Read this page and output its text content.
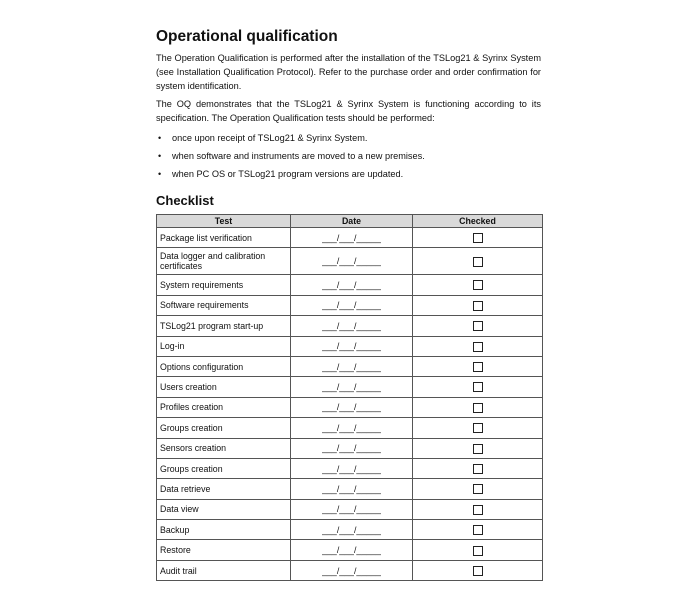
Operational qualification

The Operation Qualification is performed after the installation of the TSLog21 & Syrinx System (see Installation Qualification Protocol). Refer to the purchase order and order confirmation for system identification.

The OQ demonstrates that the TSLog21 & Syrinx System is functioning according to its specification. The Operation Qualification tests should be performed:

• once upon receipt of TSLog21 & Syrinx System.
• when software and instruments are moved to a new premises.
• when PC OS or TSLog21 program versions are updated.
Checklist
Test	Date	Checked
Package list verification	___/___/_____	
Data logger and calibration certificates	___/___/_____	
System requirements	___/___/_____	
Software requirements	___/___/_____	
TSLog21 program start-up	___/___/_____	
Log-in	___/___/_____	
Options configuration	___/___/_____	
Users creation	___/___/_____	
Profiles creation	___/___/_____	
Groups creation	___/___/_____	
Sensors creation	___/___/_____	
Groups creation	___/___/_____	
Data retrieve	___/___/_____	
Data view	___/___/_____	
Backup	___/___/_____	
Restore	___/___/_____	
Audit trail	___/___/_____	
